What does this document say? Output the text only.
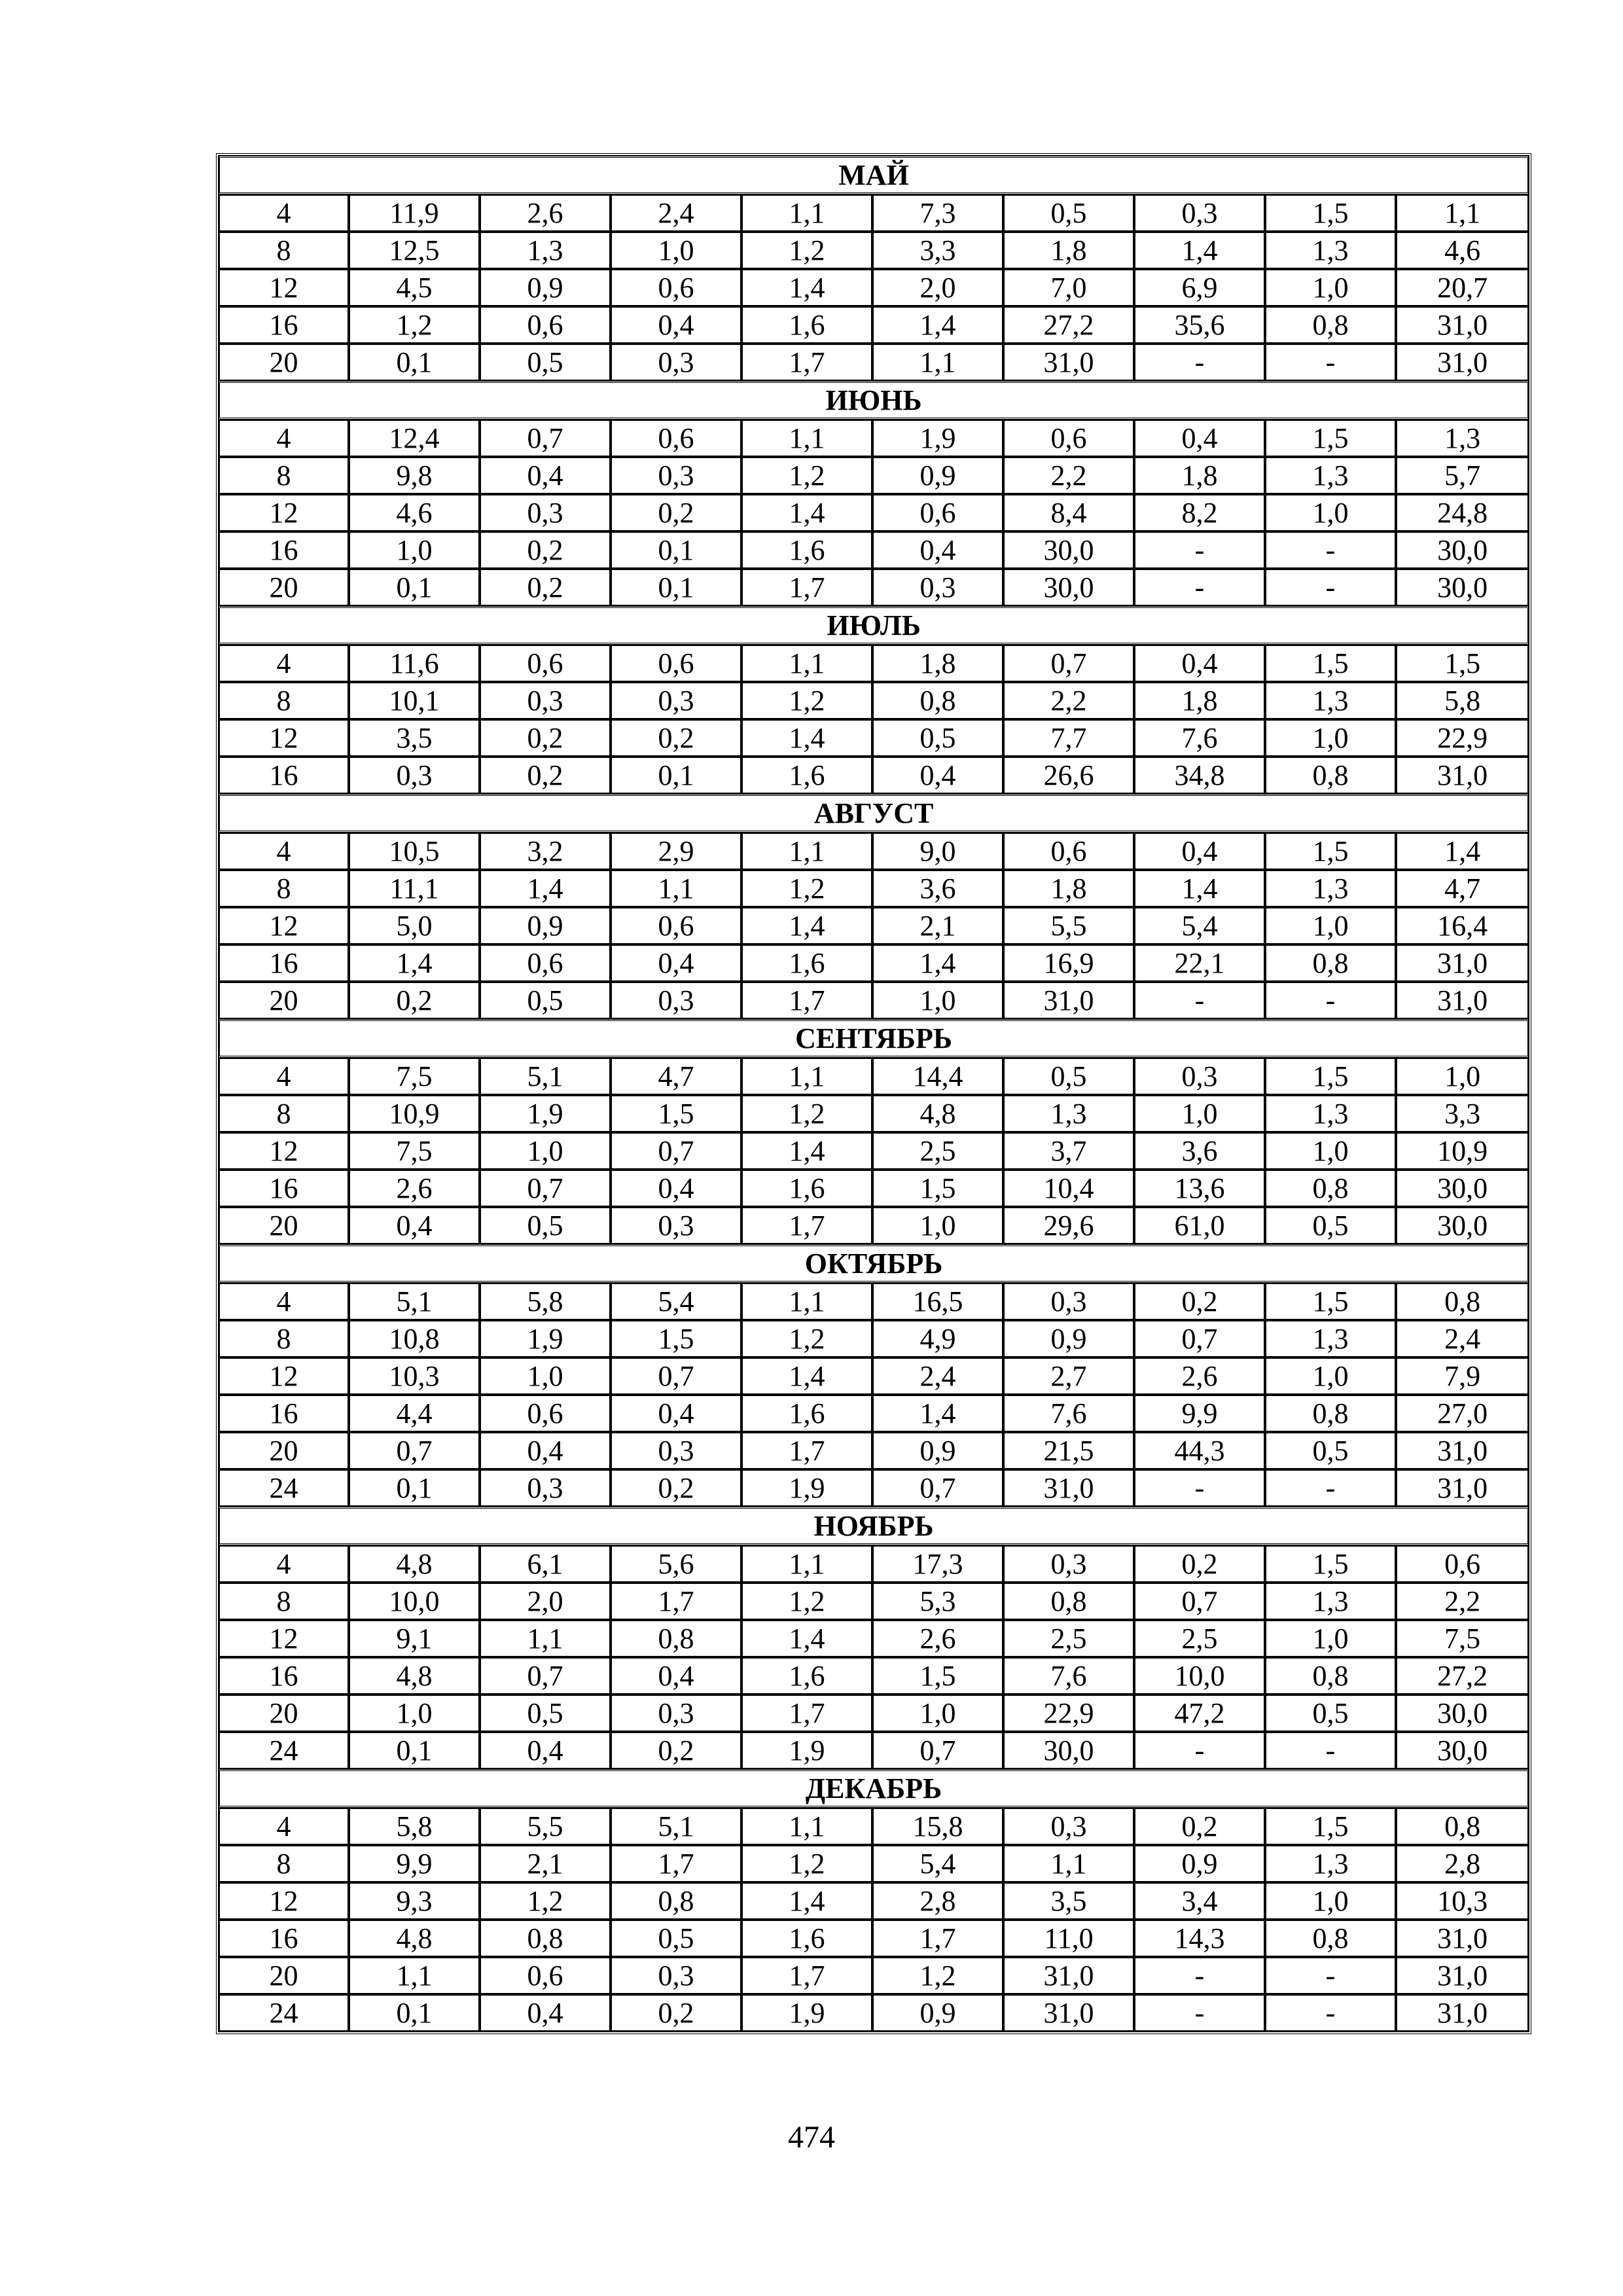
МАЙ									
4	11,9	2,6	2,4	1,1	7,3	0,5	0,3	1,5	1,1
8	12,5	1,3	1,0	1,2	3,3	1,8	1,4	1,3	4,6
12	4,5	0,9	0,6	1,4	2,0	7,0	6,9	1,0	20,7
16	1,2	0,6	0,4	1,6	1,4	27,2	35,6	0,8	31,0
20	0,1	0,5	0,3	1,7	1,1	31,0	-	-	31,0
ИЮНЬ									
4	12,4	0,7	0,6	1,1	1,9	0,6	0,4	1,5	1,3
8	9,8	0,4	0,3	1,2	0,9	2,2	1,8	1,3	5,7
12	4,6	0,3	0,2	1,4	0,6	8,4	8,2	1,0	24,8
16	1,0	0,2	0,1	1,6	0,4	30,0	-	-	30,0
20	0,1	0,2	0,1	1,7	0,3	30,0	-	-	30,0
ИЮЛЬ									
4	11,6	0,6	0,6	1,1	1,8	0,7	0,4	1,5	1,5
8	10,1	0,3	0,3	1,2	0,8	2,2	1,8	1,3	5,8
12	3,5	0,2	0,2	1,4	0,5	7,7	7,6	1,0	22,9
16	0,3	0,2	0,1	1,6	0,4	26,6	34,8	0,8	31,0
АВГУСТ									
4	10,5	3,2	2,9	1,1	9,0	0,6	0,4	1,5	1,4
8	11,1	1,4	1,1	1,2	3,6	1,8	1,4	1,3	4,7
12	5,0	0,9	0,6	1,4	2,1	5,5	5,4	1,0	16,4
16	1,4	0,6	0,4	1,6	1,4	16,9	22,1	0,8	31,0
20	0,2	0,5	0,3	1,7	1,0	31,0	-	-	31,0
СЕНТЯБРЬ									
4	7,5	5,1	4,7	1,1	14,4	0,5	0,3	1,5	1,0
8	10,9	1,9	1,5	1,2	4,8	1,3	1,0	1,3	3,3
12	7,5	1,0	0,7	1,4	2,5	3,7	3,6	1,0	10,9
16	2,6	0,7	0,4	1,6	1,5	10,4	13,6	0,8	30,0
20	0,4	0,5	0,3	1,7	1,0	29,6	61,0	0,5	30,0
ОКТЯБРЬ									
4	5,1	5,8	5,4	1,1	16,5	0,3	0,2	1,5	0,8
8	10,8	1,9	1,5	1,2	4,9	0,9	0,7	1,3	2,4
12	10,3	1,0	0,7	1,4	2,4	2,7	2,6	1,0	7,9
16	4,4	0,6	0,4	1,6	1,4	7,6	9,9	0,8	27,0
20	0,7	0,4	0,3	1,7	0,9	21,5	44,3	0,5	31,0
24	0,1	0,3	0,2	1,9	0,7	31,0	-	-	31,0
НОЯБРЬ									
4	4,8	6,1	5,6	1,1	17,3	0,3	0,2	1,5	0,6
8	10,0	2,0	1,7	1,2	5,3	0,8	0,7	1,3	2,2
12	9,1	1,1	0,8	1,4	2,6	2,5	2,5	1,0	7,5
16	4,8	0,7	0,4	1,6	1,5	7,6	10,0	0,8	27,2
20	1,0	0,5	0,3	1,7	1,0	22,9	47,2	0,5	30,0
24	0,1	0,4	0,2	1,9	0,7	30,0	-	-	30,0
ДЕКАБРЬ									
4	5,8	5,5	5,1	1,1	15,8	0,3	0,2	1,5	0,8
8	9,9	2,1	1,7	1,2	5,4	1,1	0,9	1,3	2,8
12	9,3	1,2	0,8	1,4	2,8	3,5	3,4	1,0	10,3
16	4,8	0,8	0,5	1,6	1,7	11,0	14,3	0,8	31,0
20	1,1	0,6	0,3	1,7	1,2	31,0	-	-	31,0
24	0,1	0,4	0,2	1,9	0,9	31,0	-	-	31,0
474
